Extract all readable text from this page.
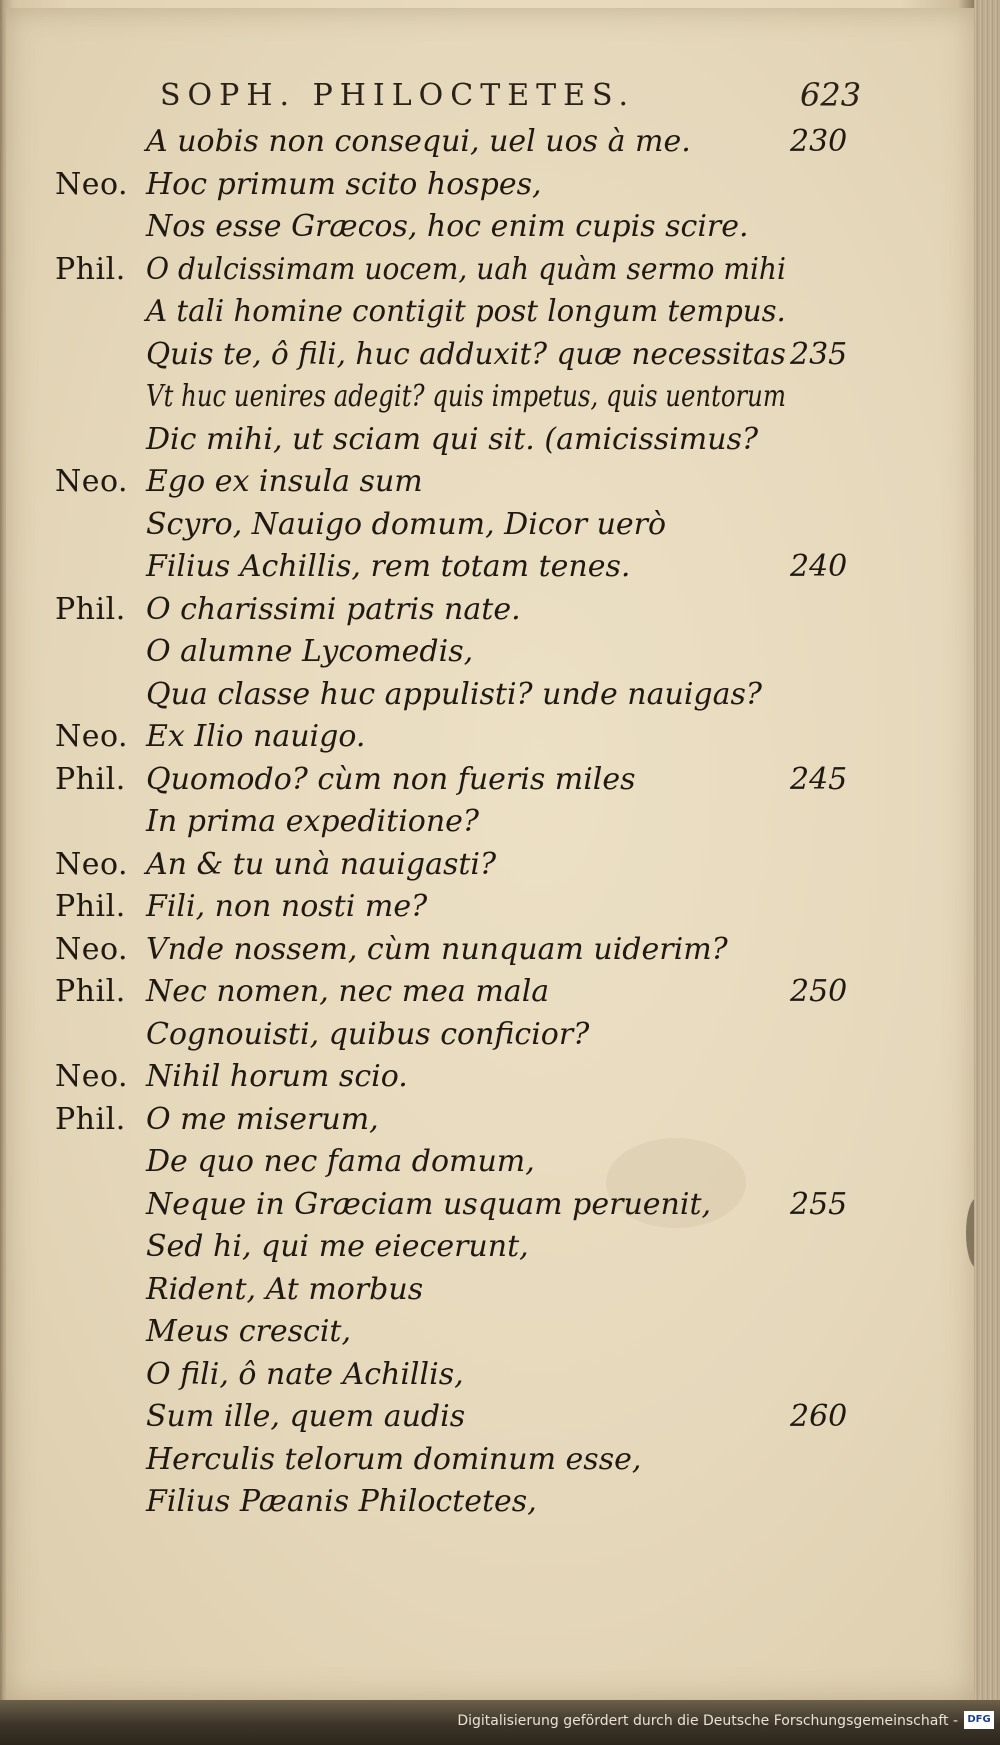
SOPH. PHILOCTETES.	623
A uobis non consequi, uel uos à me.	230
Neo. Hoc primum scito hospes,
Nos esse Græcos, hoc enim cupis scire.
Phil. O dulcissimam uocem, uah quàm sermo mihi
A tali homine contigit post longum tempus.
Quis te, ô fili, huc adduxit? quæ necessitas 235
Vt huc uenires adegit? quis impetus, quis uentorum
Dic mihi, ut sciam qui sit. (amicissimus?
Neo. Ego ex insula sum
Scyro, Nauigo domum, Dicor uerò
Filius Achillis, rem totam tenes.	240
Phil. O charissimi patris nate.
O alumne Lycomedis,
Qua classe huc appulisti? unde nauigas?
Neo. Ex Ilio nauigo.
Phil. Quomodo? cùm non fueris miles	245
In prima expeditione?
Neo. An & tu unà nauigasti?
Phil. Fili, non nosti me?
Neo. Vnde nossem, cùm nunquam uiderim?
Phil. Nec nomen, nec mea mala	250
Cognouisti, quibus conficior?
Neo. Nihil horum scio.
Phil. O me miserum,
De quo nec fama domum,
Neque in Græciam usquam peruenit,	255
Sed hi, qui me eiecerunt,
Rident, At morbus
Meus crescit,
O fili, ô nate Achillis,
Sum ille, quem audis	260
Herculis telorum dominum esse,
Filius Pæanis Philoctetes,
Digitalisierung gefördert durch die Deutsche Forschungsgemeinschaft - DFG
